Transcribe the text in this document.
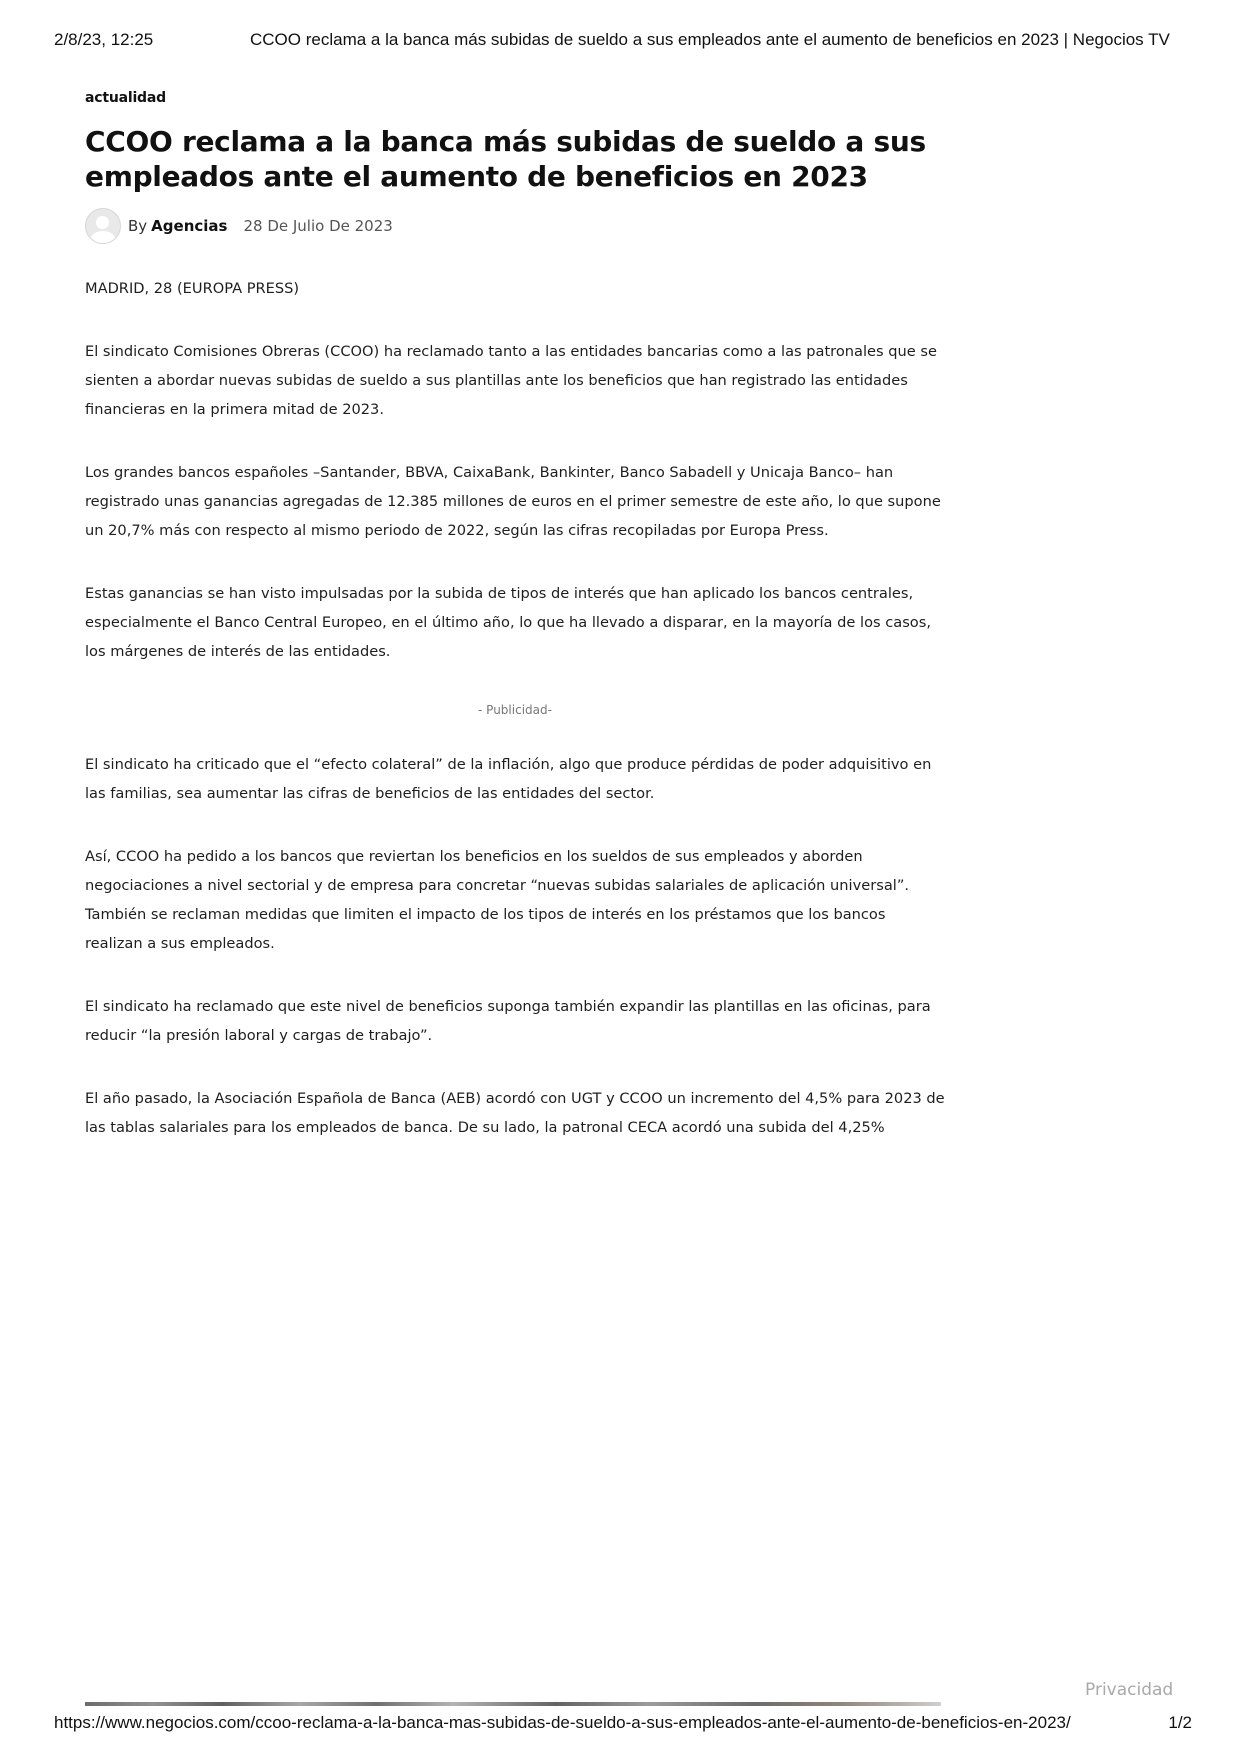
2/8/23, 12:25	CCOO reclama a la banca más subidas de sueldo a sus empleados ante el aumento de beneficios en 2023 | Negocios TV
actualidad
CCOO reclama a la banca más subidas de sueldo a sus
empleados ante el aumento de beneficios en 2023
By Agencias 28 De Julio De 2023

MADRID, 28 (EUROPA PRESS)

El sindicato Comisiones Obreras (CCOO) ha reclamado tanto a las entidades bancarias como a las patronales que se sienten a abordar nuevas subidas de sueldo a sus plantillas ante los beneficios que han registrado las entidades financieras en la primera mitad de 2023.

Los grandes bancos españoles –Santander, BBVA, CaixaBank, Bankinter, Banco Sabadell y Unicaja Banco– han registrado unas ganancias agregadas de 12.385 millones de euros en el primer semestre de este año, lo que supone un 20,7% más con respecto al mismo periodo de 2022, según las cifras recopiladas por Europa Press.

Estas ganancias se han visto impulsadas por la subida de tipos de interés que han aplicado los bancos centrales, especialmente el Banco Central Europeo, en el último año, lo que ha llevado a disparar, en la mayoría de los casos, los márgenes de interés de las entidades.

- Publicidad-

El sindicato ha criticado que el “efecto colateral” de la inflación, algo que produce pérdidas de poder adquisitivo en las familias, sea aumentar las cifras de beneficios de las entidades del sector.

Así, CCOO ha pedido a los bancos que reviertan los beneficios en los sueldos de sus empleados y aborden negociaciones a nivel sectorial y de empresa para concretar “nuevas subidas salariales de aplicación universal”. También se reclaman medidas que limiten el impacto de los tipos de interés en los préstamos que los bancos realizan a sus empleados.

El sindicato ha reclamado que este nivel de beneficios suponga también expandir las plantillas en las oficinas, para reducir “la presión laboral y cargas de trabajo”.

El año pasado, la Asociación Española de Banca (AEB) acordó con UGT y CCOO un incremento del 4,5% para 2023 de las tablas salariales para los empleados de banca. De su lado, la patronal CECA acordó una subida del 4,25%

Privacidad
https://www.negocios.com/ccoo-reclama-a-la-banca-mas-subidas-de-sueldo-a-sus-empleados-ante-el-aumento-de-beneficios-en-2023/	1/2
